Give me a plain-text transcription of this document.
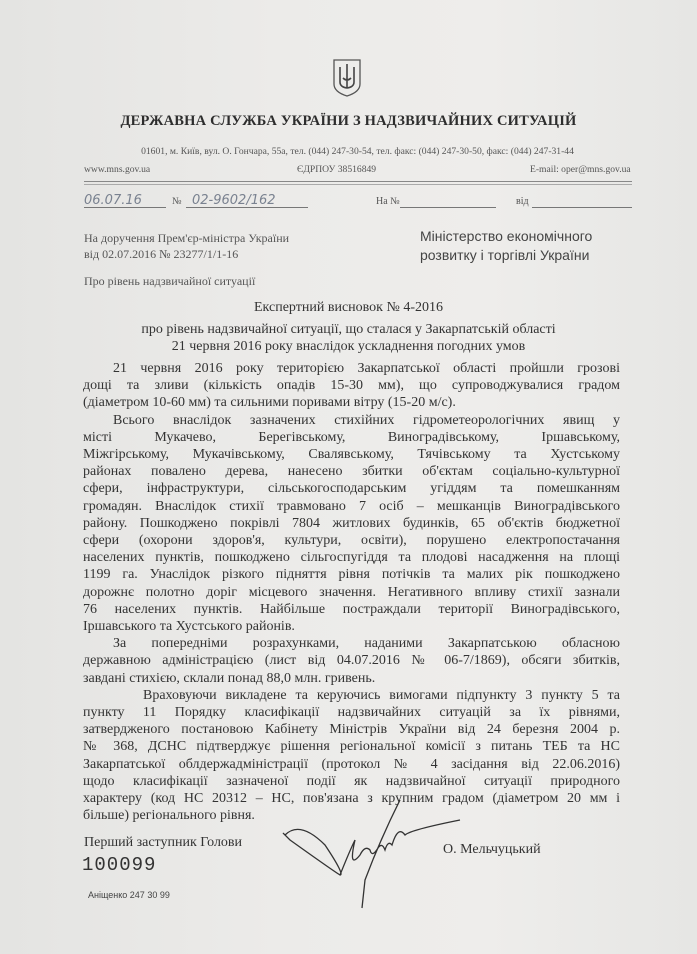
ДЕРЖАВНА СЛУЖБА УКРАЇНИ З НАДЗВИЧАЙНИХ СИТУАЦІЙ
01601, м. Київ, вул. О. Гончара, 55а, тел. (044) 247-30-54, тел. факс: (044) 247-30-50, факс: (044) 247-31-44
www.mns.gov.ua	ЄДРПОУ 38516849	E-mail: oper@mns.gov.ua
06.07.16	№ 02-9602/162	На №	від
На доручення Прем'єр-міністра України
від 02.07.2016 № 23277/1/1-16
Міністерство економічного
розвитку і торгівлі України
Про рівень надзвичайної ситуації
Експертний висновок № 4-2016
про рівень надзвичайної ситуації, що сталася у Закарпатській області
21 червня 2016 року внаслідок ускладнення погодних умов
21 червня 2016 року територією Закарпатської області пройшли грозові
дощі та зливи (кількість опадів 15-30 мм), що супроводжувалися градом
(діаметром 10-60 мм) та сильними поривами вітру (15-20 м/с).
Всього внаслідок зазначених стихійних гідрометеорологічних явищ у
місті Мукачево, Берегівському, Виноградівському, Іршавському,
Міжгірському, Мукачівському, Свалявському, Тячівському та Хустському
районах повалено дерева, нанесено збитки об'єктам соціально-культурної
сфери, інфраструктури, сільськогосподарським угіддям та помешканням
громадян. Внаслідок стихії травмовано 7 осіб – мешканців Виноградівського
району. Пошкоджено покрівлі 7804 житлових будинків, 65 об'єктів бюджетної
сфери (охорони здоров'я, культури, освіти), порушено електропостачання
населених пунктів, пошкоджено сільгоспугіддя та плодові насадження на площі
1199 га. Унаслідок різкого підняття рівня потічків та малих рік пошкоджено
дорожнє полотно доріг місцевого значення. Негативного впливу стихії зазнали
76 населених пунктів. Найбільше постраждали території Виноградівського,
Іршавського та Хустського районів.
За попередніми розрахунками, наданими Закарпатською обласною
державною адміністрацією (лист від 04.07.2016 № 06-7/1869), обсяги збитків,
завдані стихією, склали понад 88,0 млн. гривень.
Враховуючи викладене та керуючись вимогами підпункту 3 пункту 5 та
пункту 11 Порядку класифікації надзвичайних ситуацій за їх рівнями,
затвердженого постановою Кабінету Міністрів України від 24 березня 2004 р.
№ 368, ДСНС підтверджує рішення регіональної комісії з питань ТЕБ та НС
Закарпатської облдержадміністрації (протокол № 4 засідання від 22.06.2016)
щодо класифікації зазначеної події як надзвичайної ситуації природного
характеру (код НС 20312 – НС, пов'язана з крупним градом (діаметром 20 мм і
більше) регіонального рівня.
Перший заступник Голови
100099
О. Мельчуцький
Аніщенко 247 30 99
